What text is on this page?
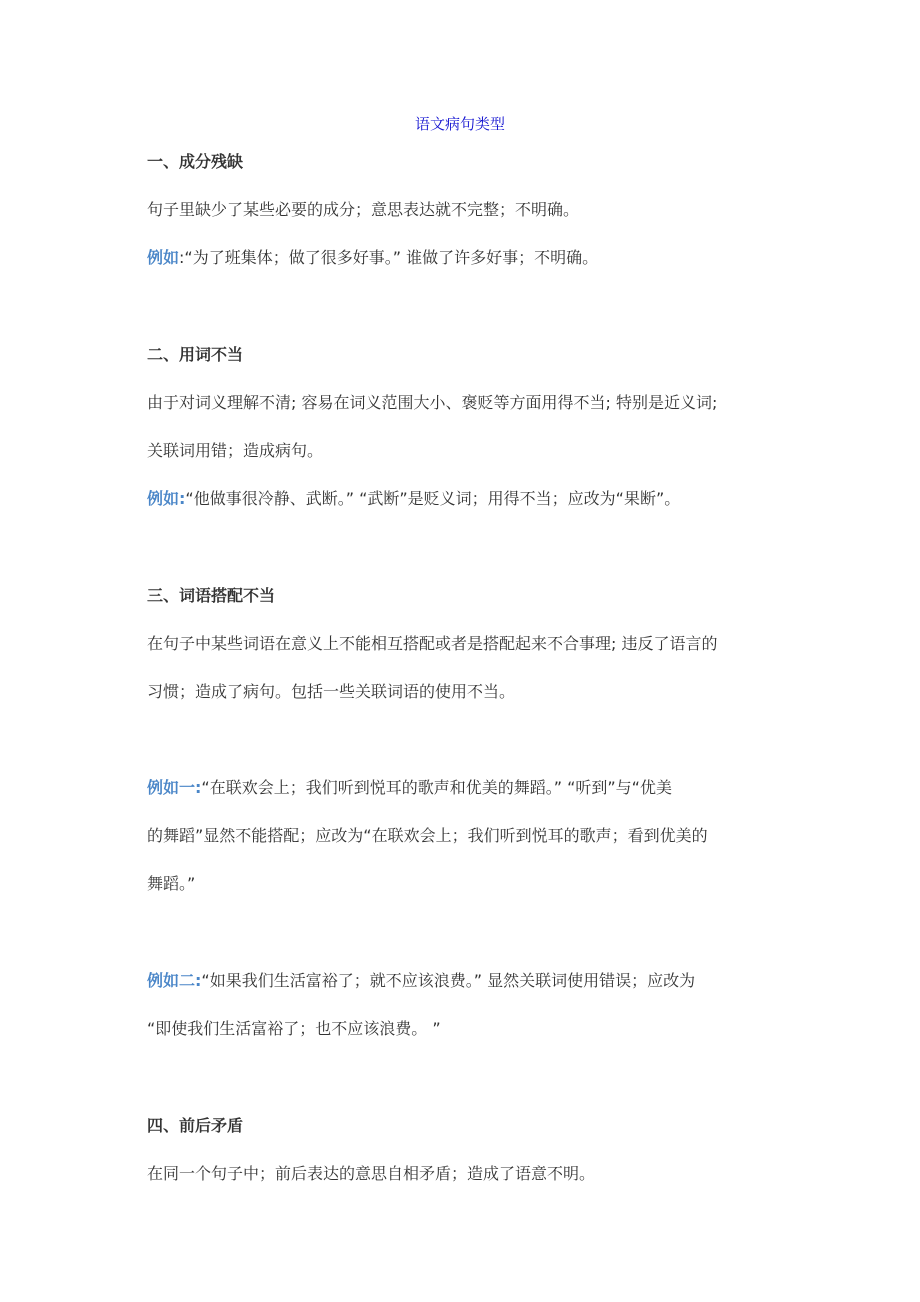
语文病句类型
一、成分残缺
句子里缺少了某些必要的成分；意思表达就不完整；不明确。
例如:“为了班集体；做了很多好事。” 谁做了许多好事；不明确。
二、用词不当
由于对词义理解不清; 容易在词义范围大小、褒贬等方面用得不当; 特别是近义词;
关联词用错；造成病句。
例如:“他做事很冷静、武断。” “武断”是贬义词；用得不当；应改为“果断”。
三、词语搭配不当
在句子中某些词语在意义上不能相互搭配或者是搭配起来不合事理; 违反了语言的
习惯；造成了病句。包括一些关联词语的使用不当。
例如一:“在联欢会上；我们听到悦耳的歌声和优美的舞蹈。” “听到”与“优美
的舞蹈”显然不能搭配；应改为“在联欢会上；我们听到悦耳的歌声；看到优美的
舞蹈。”
例如二:“如果我们生活富裕了；就不应该浪费。” 显然关联词使用错误；应改为
“即使我们生活富裕了；也不应该浪费。 ”
四、前后矛盾
在同一个句子中；前后表达的意思自相矛盾；造成了语意不明。
